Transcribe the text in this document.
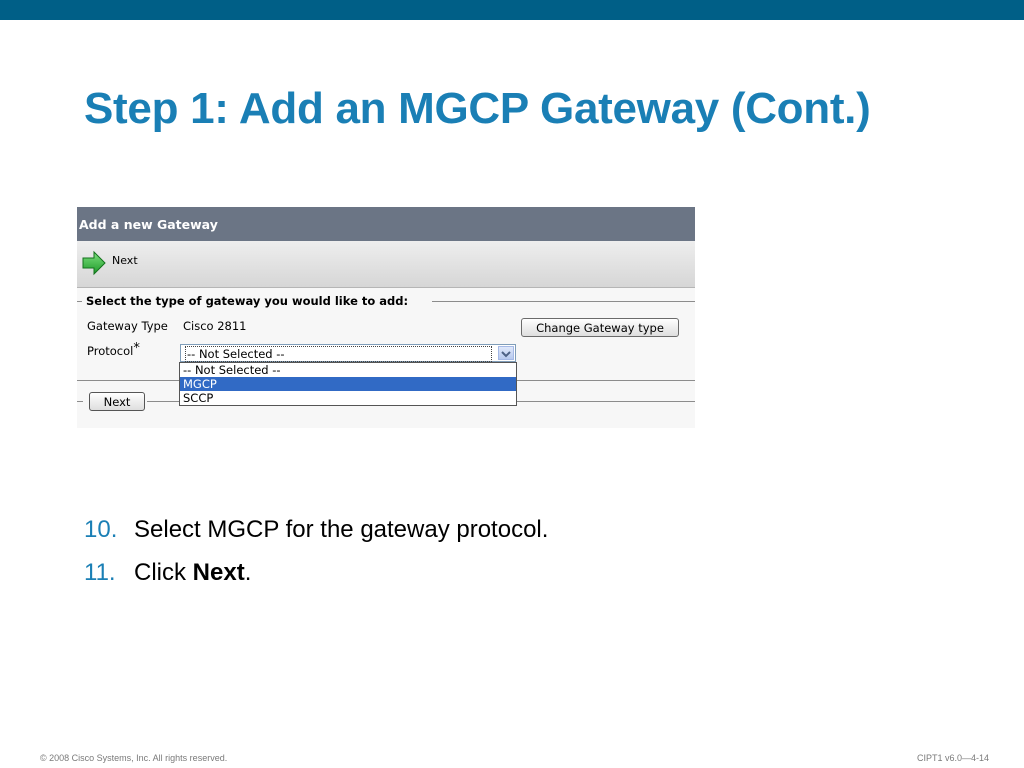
Step 1: Add an MGCP Gateway (Cont.)
Add a new Gateway
Next
Select the type of gateway you would like to add:
Gateway Type Cisco 2811	Change Gateway type
Protocol*	-- Not Selected --
-- Not Selected --
MGCP
SCCP
Next
10. Select MGCP for the gateway protocol.
11. Click Next.
© 2008 Cisco Systems, Inc. All rights reserved.	CIPT1 v6.0—4-14
